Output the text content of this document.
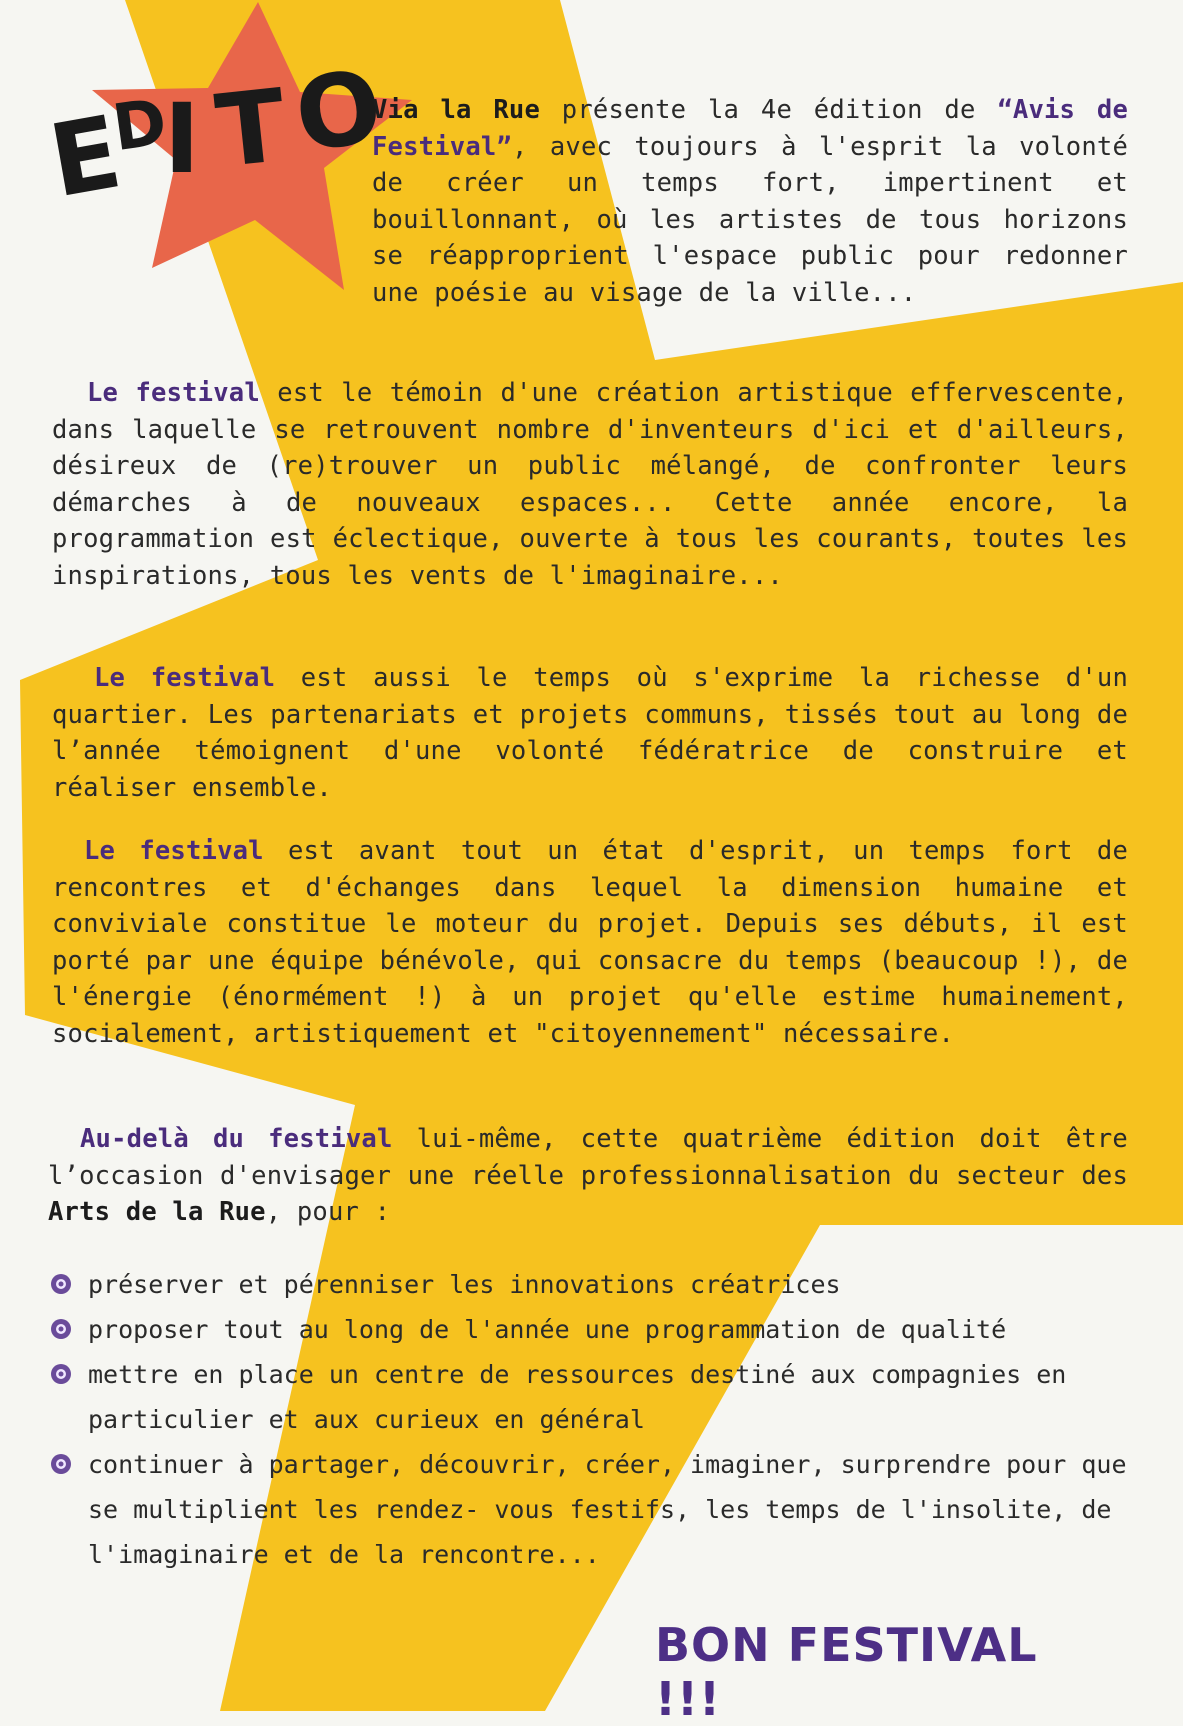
E
D
I T
O

Via la Rue présente la 4e édition de “Avis de Festival”, avec toujours à l'esprit la volonté de créer un temps fort, impertinent et bouillonnant, où les artistes de tous horizons se réapproprient l'espace public pour redonner une poésie au visage de la ville...

Le festival est le témoin d'une création artistique effervescente, dans laquelle se retrouvent nombre d'inventeurs d'ici et d'ailleurs, désireux de (re)trouver un public mélangé, de confronter leurs démarches à de nouveaux espaces... Cette année encore, la programmation est éclectique, ouverte à tous les courants, toutes les inspirations, tous les vents de l'imaginaire...

Le festival est aussi le temps où s'exprime la richesse d'un quartier. Les partenariats et projets communs, tissés tout au long de l’année témoignent d'une volonté fédératrice de construire et réaliser ensemble.

Le festival est avant tout un état d'esprit, un temps fort de rencontres et d'échanges dans lequel la dimension humaine et conviviale constitue le moteur du projet. Depuis ses débuts, il est porté par une équipe bénévole, qui consacre du temps (beaucoup !), de l'énergie (énormément !) à un projet qu'elle estime humainement, socialement, artistiquement et "citoyennement" nécessaire.

Au-delà du festival lui-même, cette quatrième édition doit être l’occasion d'envisager une réelle professionnalisation du secteur des Arts de la Rue, pour :

préserver et pérenniser les innovations créatrices
proposer tout au long de l'année une programmation de qualité
mettre en place un centre de ressources destiné aux compagnies en particulier et aux curieux en général
continuer à partager, découvrir, créer, imaginer, surprendre pour que se multiplient les rendez- vous festifs, les temps de l'insolite, de l'imaginaire et de la rencontre...

BON FESTIVAL !!!
